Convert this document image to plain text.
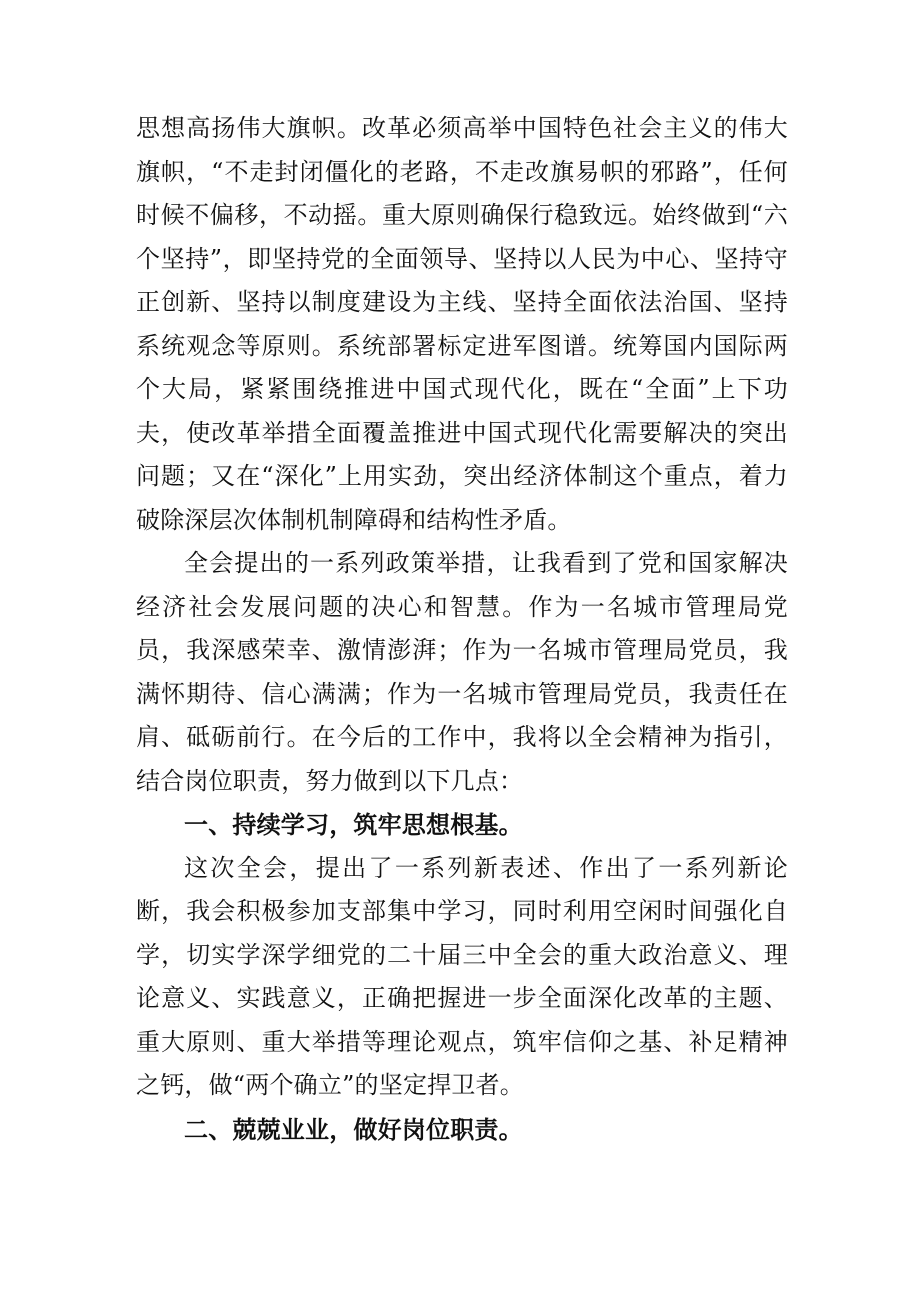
思想高扬伟大旗帜。改革必须高举中国特色社会主义的伟大旗帜，“不走封闭僵化的老路，不走改旗易帜的邪路”，任何时候不偏移，不动摇。重大原则确保行稳致远。始终做到“六个坚持”，即坚持党的全面领导、坚持以人民为中心、坚持守正创新、坚持以制度建设为主线、坚持全面依法治国、坚持系统观念等原则。系统部署标定进军图谱。统筹国内国际两个大局，紧紧围绕推进中国式现代化，既在“全面”上下功夫，使改革举措全面覆盖推进中国式现代化需要解决的突出问题；又在“深化”上用实劲，突出经济体制这个重点，着力破除深层次体制机制障碍和结构性矛盾。

全会提出的一系列政策举措，让我看到了党和国家解决经济社会发展问题的决心和智慧。作为一名城市管理局党员，我深感荣幸、激情澎湃；作为一名城市管理局党员，我满怀期待、信心满满；作为一名城市管理局党员，我责任在肩、砥砺前行。在今后的工作中，我将以全会精神为指引，结合岗位职责，努力做到以下几点：

一、持续学习，筑牢思想根基。

这次全会，提出了一系列新表述、作出了一系列新论断，我会积极参加支部集中学习，同时利用空闲时间强化自学，切实学深学细党的二十届三中全会的重大政治意义、理论意义、实践意义，正确把握进一步全面深化改革的主题、重大原则、重大举措等理论观点，筑牢信仰之基、补足精神之钙，做“两个确立”的坚定捍卫者。

二、兢兢业业，做好岗位职责。
